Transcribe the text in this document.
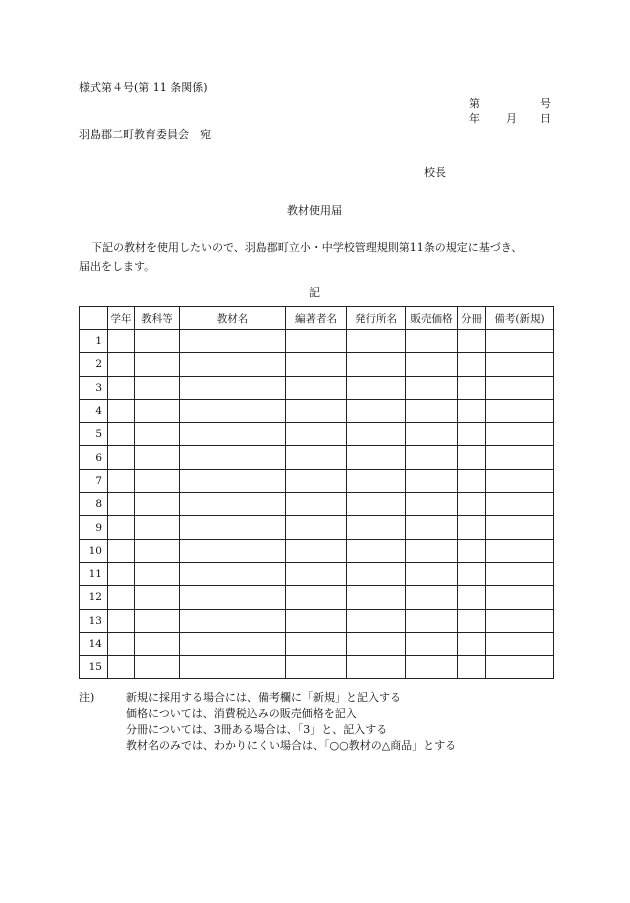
様式第４号(第 11 条関係)
第	号
年 月 日
羽島郡二町教育委員会　宛
校長
教材使用届
下記の教材を使用したいので、羽島郡町立小・中学校管理規則第11条の規定に基づき、
届出をします。
記
	学年	教科等	教材名	編著者名	発行所名	販売価格	分冊	備考(新規)
1								
2								
3								
4								
5								
6								
7								
8								
9								
10								
11								
12								
13								
14								
15								
注)	新規に採用する場合には、備考欄に「新規」と記入する
価格については、消費税込みの販売価格を記入
分冊については、3冊ある場合は、「3」と、記入する
教材名のみでは、わかりにくい場合は、「○○教材の△商品」とする
